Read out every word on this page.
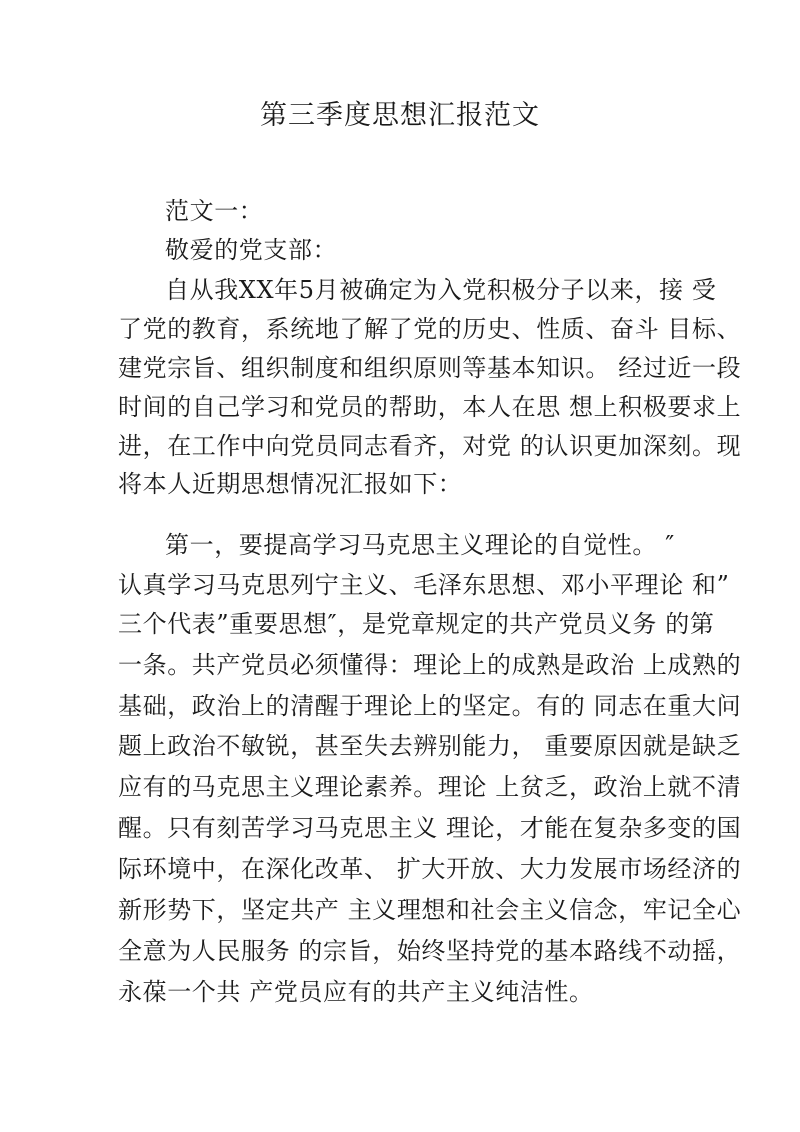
第三季度思想汇报范文
范文一：
敬爱的党支部：
自从我XX年5月被确定为入党积极分子以来，接 受
了党的教育，系统地了解了党的历史、性质、奋斗 目标、
建党宗旨、组织制度和组织原则等基本知识。 经过近一段
时间的自己学习和党员的帮助，本人在思 想上积极要求上
进，在工作中向党员同志看齐，对党 的认识更加深刻。现
将本人近期思想情况汇报如下：
第一，要提高学习马克思主义理论的自觉性。 ″
认真学习马克思列宁主义、毛泽东思想、邓小平理论 和”
三个代表”重要思想″，是党章规定的共产党员义务 的第
一条。共产党员必须懂得：理论上的成熟是政治 上成熟的
基础，政治上的清醒于理论上的坚定。有的 同志在重大问
题上政治不敏锐，甚至失去辨别能力， 重要原因就是缺乏
应有的马克思主义理论素养。理论 上贫乏，政治上就不清
醒。只有刻苦学习马克思主义 理论，才能在复杂多变的国
际环境中，在深化改革、 扩大开放、大力发展市场经济的
新形势下，坚定共产 主义理想和社会主义信念，牢记全心
全意为人民服务 的宗旨，始终坚持党的基本路线不动摇，
永葆一个共 产党员应有的共产主义纯洁性。
